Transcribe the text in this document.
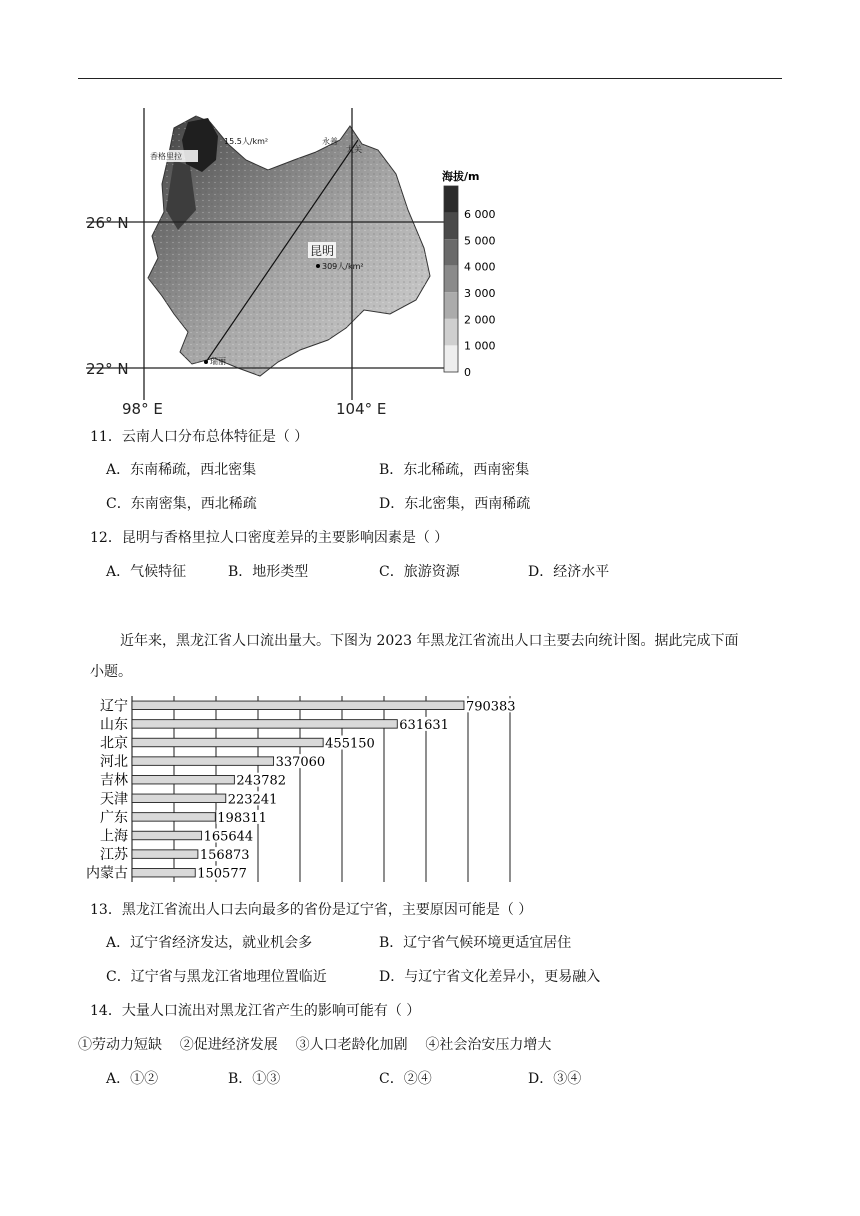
26° N
22° N
98° E	104° E
香格里拉
15.5人/km²	永善
大关
昆明
309人/km²
瑞丽
海拔/m
6 000
5 000
4 000
3 000
2 000
1 000
0
11．云南人口分布总体特征是（ ）
A．东南稀疏，西北密集	B．东北稀疏，西南密集
C．东南密集，西北稀疏	D．东北密集，西南稀疏
12．昆明与香格里拉人口密度差异的主要影响因素是（ ）
A．气候特征	B．地形类型	C．旅游资源	D．经济水平
近年来，黑龙江省人口流出量大。下图为 2023 年黑龙江省流出人口主要去向统计图。据此完成下面
小题。
辽宁
山东
北京
河北
吉林
天津
广东
上海
江苏
内蒙古
790383
631631
455150
337060
243782
223241
198311
165644
156873
150577
13．黑龙江省流出人口去向最多的省份是辽宁省，主要原因可能是（ ）
A．辽宁省经济发达，就业机会多	B．辽宁省气候环境更适宜居住
C．辽宁省与黑龙江省地理位置临近	D．与辽宁省文化差异小，更易融入
14．大量人口流出对黑龙江省产生的影响可能有（ ）
①劳动力短缺    ②促进经济发展    ③人口老龄化加剧    ④社会治安压力增大
A．①②	B．①③	C．②④	D．③④
